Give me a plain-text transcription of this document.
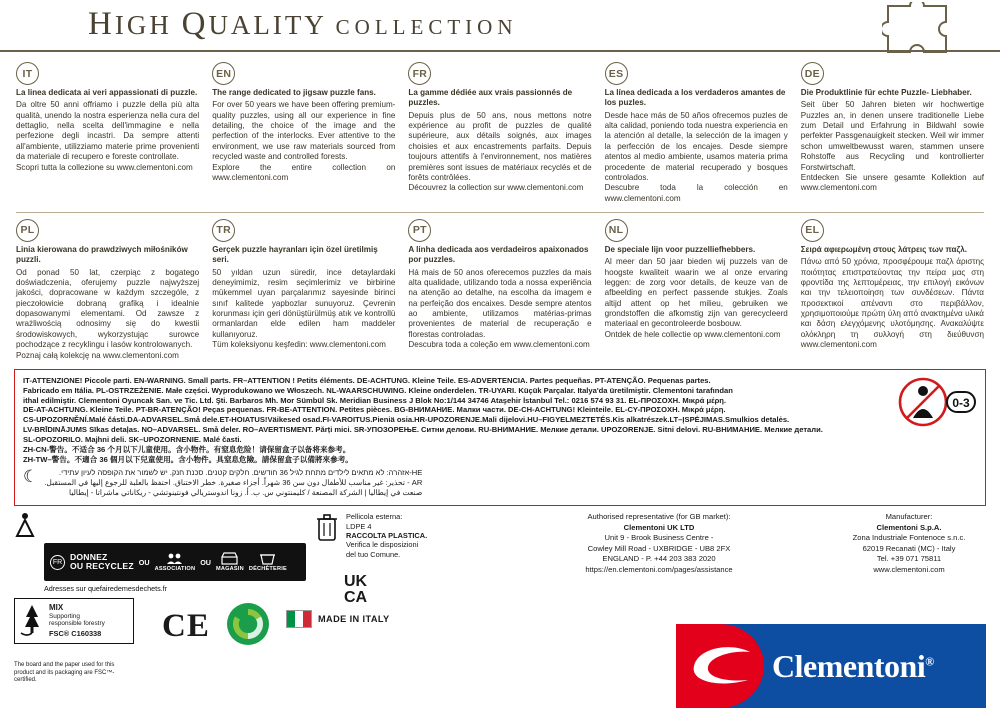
HIGH QUALITY COLLECTION
IT
La linea dedicata ai veri appassionati di puzzle.
Da oltre 50 anni offriamo i puzzle della più alta qualità, unendo la nostra esperienza nella cura del dettaglio, nella scelta dell'immagine e nella perfezione degli incastri. Da sempre attenti all'ambiente, utilizziamo materie prime provenienti da materiale di recupero e foreste controllate.
Scopri tutta la collezione su www.clementoni.com
EN
The range dedicated to jigsaw puzzle fans.
For over 50 years we have been offering premium-quality puzzles, using all our experience in fine detailing, the choice of the image and the perfection of the interlocks. Ever attentive to the environment, we use raw materials sourced from recycled waste and controlled forests.
Explore the entire collection on www.clementoni.com
FR
La gamme dédiée aux vrais passionnés de puzzles.
Depuis plus de 50 ans, nous mettons notre expérience au profit de puzzles de qualité supérieure, aux détails soignés, aux images choisies et aux encastrements parfaits. Depuis toujours attentifs à l'environnement, nos matières premières sont issues de matériaux recyclés et de forêts contrôlées.
Découvrez la collection sur www.clementoni.com
ES
La línea dedicada a los verdaderos amantes de los puzles.
Desde hace más de 50 años ofrecemos puzles de alta calidad, poniendo toda nuestra experiencia en la atención al detalle, la selección de la imagen y la perfección de los encajes. Desde siempre atentos al medio ambiente, usamos materia prima procedente de material recuperado y bosques controlados.
Descubre toda la colección en www.clementoni.com
DE
Die Produktlinie für echte Puzzle- Liebhaber.
Seit über 50 Jahren bieten wir hochwertige Puzzles an, in denen unsere traditionelle Liebe zum Detail und Erfahrung in Bildwahl sowie perfekter Passgenauigkeit stecken. Weil wir immer schon umweltbewusst waren, stammen unsere Rohstoffe aus Recycling und kontrollierter Forstwirtschaft.
Entdecken Sie unsere gesamte Kollektion auf www.clementoni.com
PL
Linia kierowana do prawdziwych miłośników puzzli.
Od ponad 50 lat, czerpiąc z bogatego doświadczenia, oferujemy puzzle najwyższej jakości, dopracowane w każdym szczególe, z pieczołowicie dobraną grafiką i idealnie dopasowanymi elementami. Od zawsze z wrażliwością odnosimy się do kwestii środowiskowych, wykorzystując surowce pochodzące z recyklingu i lasów kontrolowanych.
Poznaj całą kolekcję na www.clementoni.com
TR
Gerçek puzzle hayranları için özel üretilmiş seri.
50 yıldan uzun süredir, ince detaylardaki deneyimimiz, resim seçimlerimiz ve birbirine mükemmel uyan parçalarımız sayesinde birinci sınıf kalitede yapbozlar sunuyoruz. Çevrenin korunması için geri dönüştürülmüş atık ve kontrollü ormanlardan elde edilen ham maddeler kullanıyoruz.
Tüm koleksiyonu keşfedin: www.clementoni.com
PT
A linha dedicada aos verdadeiros apaixonados por puzzles.
Há mais de 50 anos oferecemos puzzles da mais alta qualidade, utilizando toda a nossa experiência na atenção ao detalhe, na escolha da imagem e na perfeição dos encaixes. Desde sempre atentos ao ambiente, utilizamos matérias-primas provenientes de material de recuperação e florestas controladas.
Descubra toda a coleção em www.clementoni.com
NL
De speciale lijn voor puzzelliefhebbers.
Al meer dan 50 jaar bieden wij puzzels van de hoogste kwaliteit waarin we al onze ervaring leggen: de zorg voor details, de keuze van de afbeelding en perfect passende stukjes. Zoals altijd attent op het milieu, gebruiken we grondstoffen die afkomstig zijn van gerecycleerd materiaal en gecontroleerde bosbouw.
Ontdek de hele collectie op www.clementoni.com
EL
Σειρά αφιερωμένη στους λάτρεις των παζλ.
Πάνω από 50 χρόνια, προσφέρουμε παζλ άριστης ποιότητας επιστρατεύοντας την πείρα μας στη φροντίδα της λεπτομέρειας, την επιλογή εικόνων και την τελειοποίηση των συνδέσεων. Πάντα προσεκτικοί απέναντι στο περιβάλλον, χρησιμοποιούμε πρώτη ύλη από ανακτημένα υλικά και δάση ελεγχόμενης υλοτόμησης. Ανακαλύψτε ολόκληρη τη συλλογή στη διεύθυνση www.clementoni.com
0-3
IT-ATTENZIONE! Piccole parti. EN-WARNING. Small parts. FR–ATTENTION ! Petits éléments. DE-ACHTUNG. Kleine Teile. ES-ADVERTENCIA. Partes pequeñas. PT-ATENÇÃO. Pequenas partes.
Fabricado em Itália. PL-OSTRZEŻENIE. Małe części. Wyprodukowano we Włoszech. NL-WAARSCHUWING. Kleine onderdelen. TR-UYARI. Küçük Parçalar. Italya'da üretilmiştir. Clementoni tarafından
ithal edilmiştir. Clementoni Oyuncak San. ve Tic. Ltd. Şti. Barbaros Mh. Mor Sümbül Sk. Meridian Business J Blok No:1/144 34746 Ataşehir İstanbul Tel.: 0216 574 93 31. EL-ΠΡΟΣΟΧΗ. Μικρά μέρη.
DE-AT-ACHTUNG. Kleine Teile. PT-BR-ATENÇÃO! Peças pequenas. FR-BE-ATTENTION. Petites pièces. BG-ВНИМАНИЕ. Малки части. DE-CH-ACHTUNG! Kleinteile. EL-CY-ΠΡΟΣΟΧΗ. Μικρά μέρη.
CS-UPOZORNĚNÍ.Malé části.DA-ADVARSEL.Små dele.ET-HOIATUS!Väikesed osad.FI-VAROITUS.Pieniä osia.HR-UPOZORENJE.Mali dijelovi.HU–FIGYELMEZTETÉS.Kis alkatrészek.LT–ĮSPĖJIMAS.Smulkios detalės.
LV-BRĪDINĀJUMS Sīkas detaļas. NO–ADVARSEL. Små deler. RO–AVERTISMENT. Părți mici. SR-УПОЗОРЕЊЕ. Ситни делови. RU-ВНИМАНИЕ. Мелкие детали. UPOZORENJE. Sitni delovi. RU-ВНИМАНИЕ. Мелкие детали.
SL-OPOZORILO. Majhni deli. SK–UPOZORNENIE. Malé časti.
ZH-CN-警告。不适合 36 个月以下儿童使用。含小物件。有窒息危险！请保留盒子以备将来参考。
ZH-TW–警告。不適合 36 個月以下兒童使用。含小物件。具窒息危險。請保留盒子以備將來參考。
☾	HE-אזהרה: לא מתאים לילדים מתחת לגיל 36 חודשים. חלקים קטנים. סכנת חנק. יש לשמור את הקופסה לעיון עתידי.
AR - تحذير: غير مناسب للأطفال دون سن 36 شهراً. أجزاء صغيرة. خطر الاختناق. احتفظ بالعلبة للرجوع إليها في المستقبل.
صنعت في إيطاليا | الشركة المصنعة / كليمنتوني س. ب. أ. زونا اندوستريالي فونتينوتشي - ريكاناتي ماشراتا - إيطاليا
FR
DONNEZ
OU RECYCLEZ OU
ASSOCIATION
OU
MAGASIN DÉCHÈTERIE
Adresses sur quefairedemesdechets.fr
MIX
Supporting
responsible forestry
FSC® C160338
The board and the paper used for this product and its packaging are FSC™-certified.
CE	MADE IN ITALY
Pellicola esterna:
LDPE 4
RACCOLTA PLASTICA.
Verifica le disposizioni
del tuo Comune.
UK
CA
Authorised representative (for GB market):
Clementoni UK LTD
Unit 9 - Brook Business Centre -
Cowley Mill Road - UXBRIDGE - UB8 2FX
ENGLAND - P. +44 203 383 2020
https://en.clementoni.com/pages/assistance
Manufacturer:
Clementoni S.p.A.
Zona Industriale Fontenoce s.n.c.
62019 Recanati (MC) - Italy
Tel. +39 071 75811
www.clementoni.com
Clementoni®
